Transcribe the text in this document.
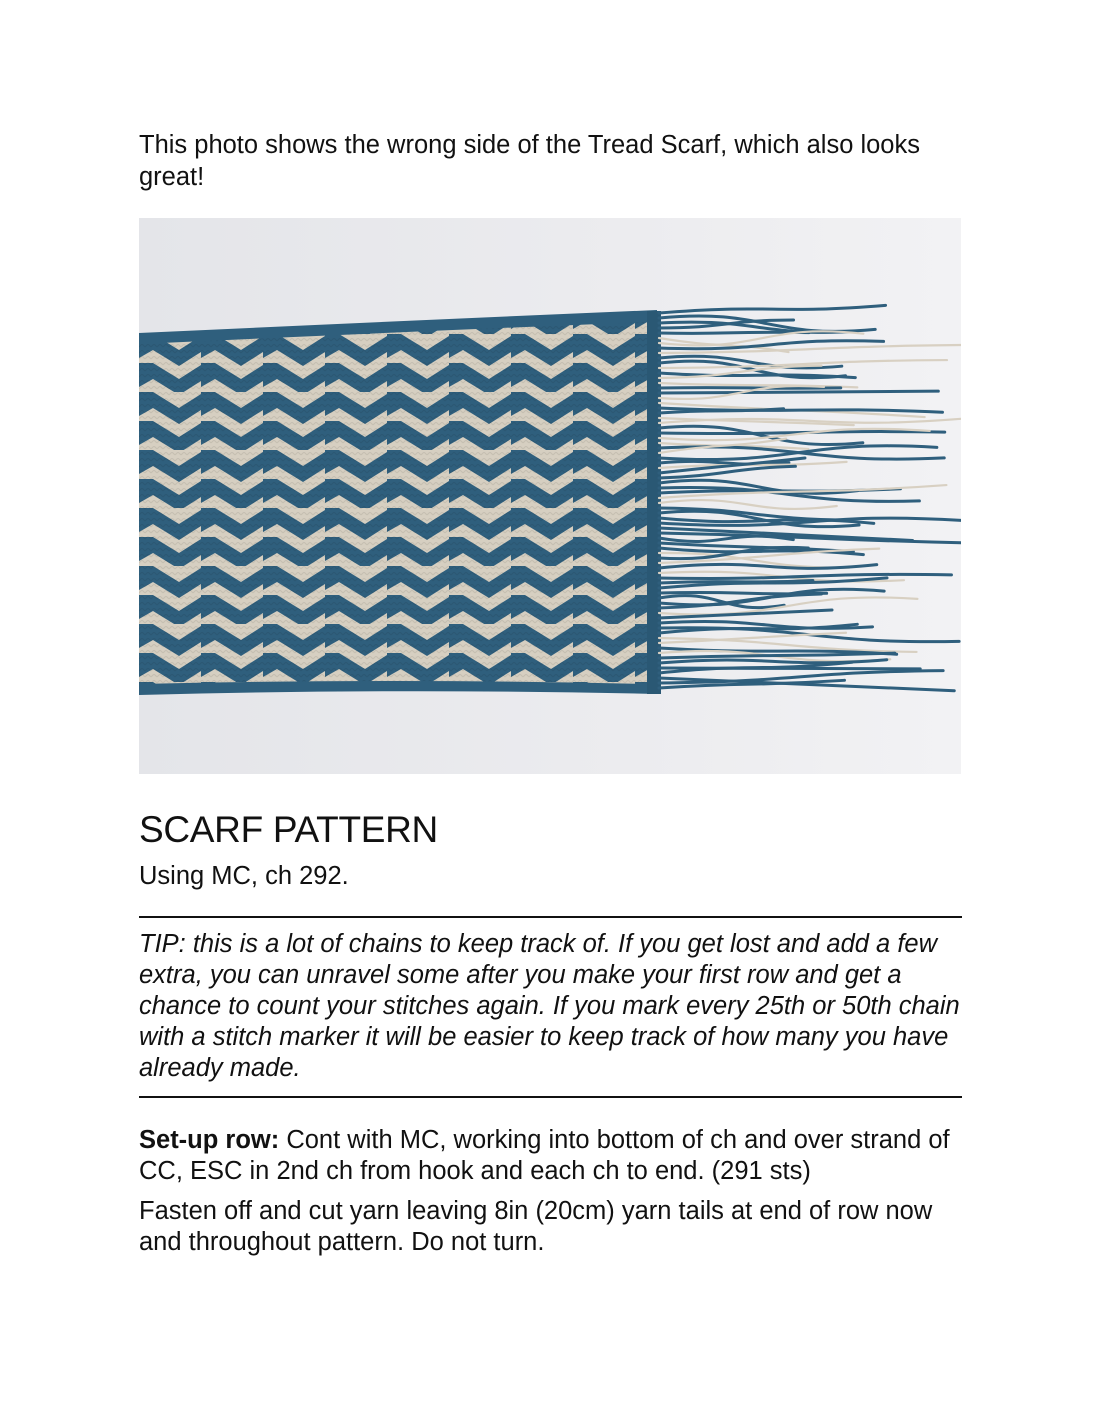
This photo shows the wrong side of the Tread Scarf, which also looks great!

SCARF PATTERN

Using MC, ch 292.

TIP: this is a lot of chains to keep track of. If you get lost and add a few extra, you can unravel some after you make your first row and get a chance to count your stitches again. If you mark every 25th or 50th chain with a stitch marker it will be easier to keep track of how many you have already made.

Set-up row: Cont with MC, working into bottom of ch and over strand of CC, ESC in 2nd ch from hook and each ch to end. (291 sts)

Fasten off and cut yarn leaving 8in (20cm) yarn tails at end of row now and throughout pattern. Do not turn.
